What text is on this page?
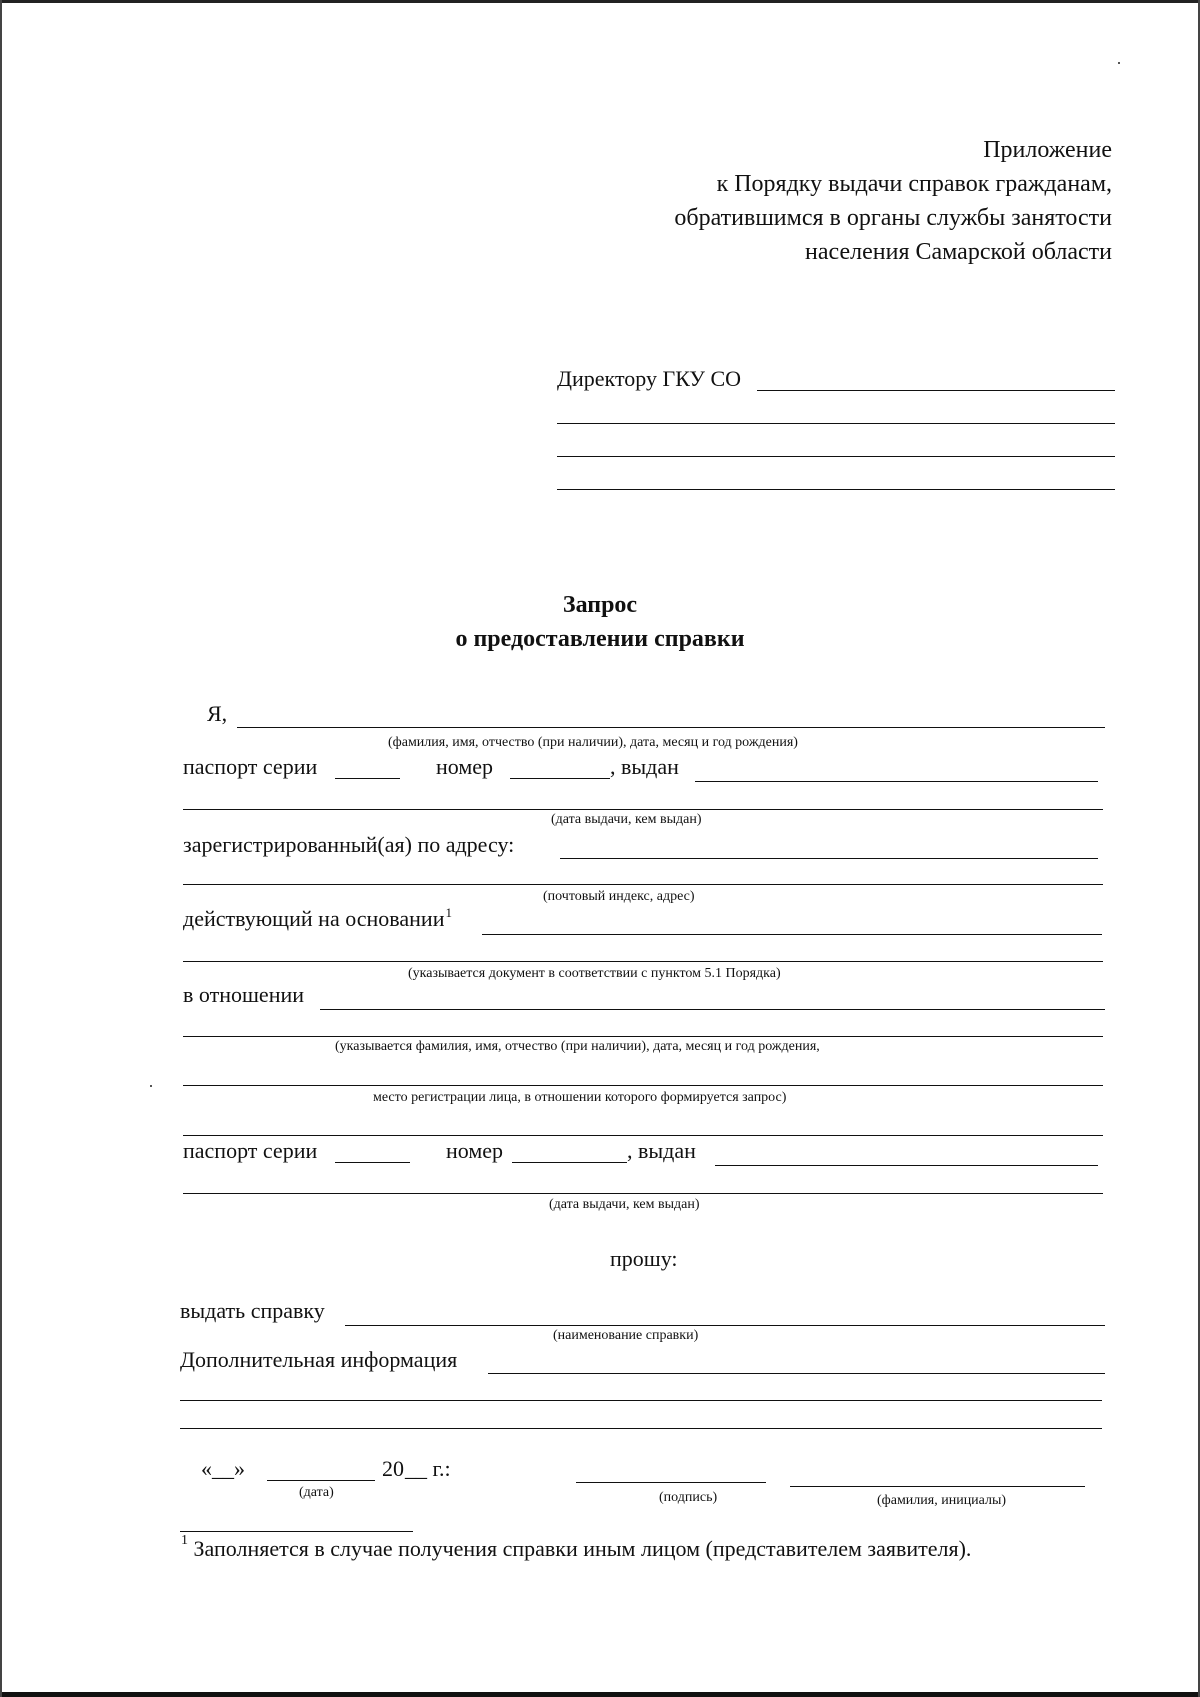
Приложение
к Порядку выдачи справок гражданам,
обратившимся в органы службы занятости
населения Самарской области
Директору ГКУ СО
Запрос
о предоставлении справки
Я,
(фамилия, имя, отчество (при наличии), дата, месяц и год рождения)
паспорт серии	номер	, выдан
(дата выдачи, кем выдан)
зарегистрированный(ая) по адресу:
(почтовый индекс, адрес)
действующий на основании$^1$
(указывается документ в соответствии с пунктом 5.1 Порядка)
в отношении
(указывается фамилия, имя, отчество (при наличии), дата, месяц и год рождения,
место регистрации лица, в отношении которого формируется запрос)
паспорт серии	номер	, выдан
(дата выдачи, кем выдан)
прошу:
выдать справку
(наименование справки)
Дополнительная информация
«__»	20 __ г.:
(дата)	(подпись)	(фамилия, инициалы)
$^1$ Заполняется в случае получения справки иным лицом (представителем заявителя).
